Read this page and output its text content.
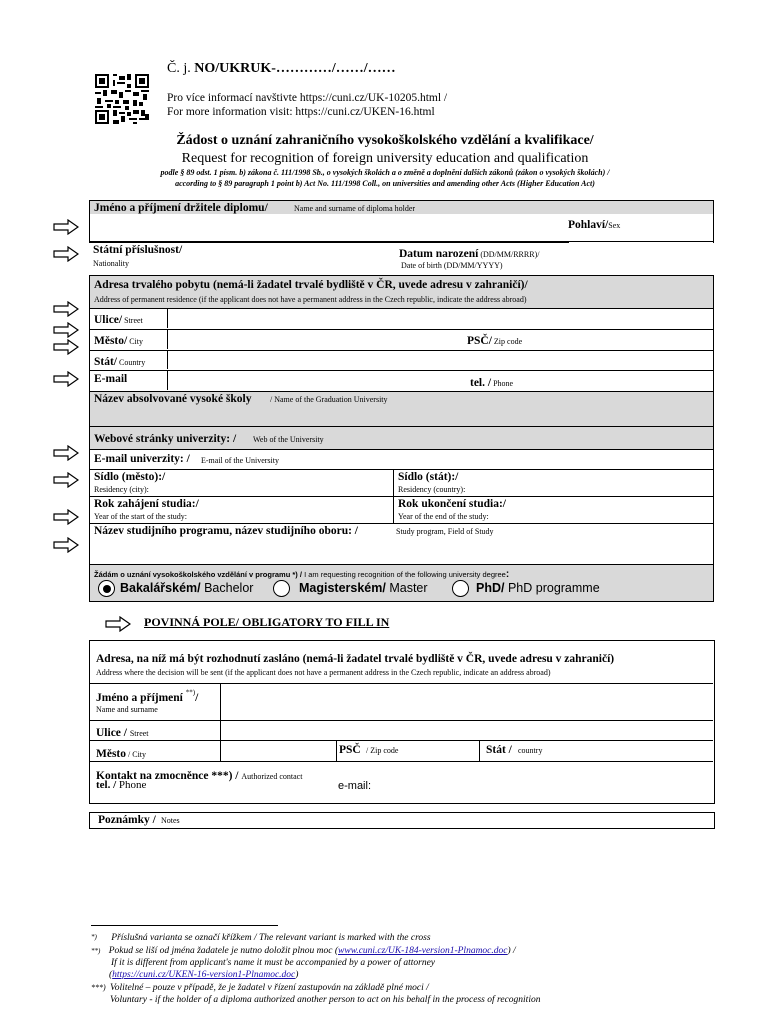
Č. j. NO/UKRUK-…………/……/……
Pro více informací navštivte https://cuni.cz/UK-10205.html /
For more information visit: https://cuni.cz/UKEN-16.html
Žádost o uznání zahraničního vysokoškolského vzdělání a kvalifikace/
Request for recognition of foreign university education and qualification
podle § 89 odst. 1 písm. b) zákona č. 111/1998 Sb., o vysokých školách a o změně a doplnění dalších zákonů (zákon o vysokých školách) /
according to § 89 paragraph 1 point b) Act No. 111/1998 Coll., on universities and amending other Acts (Higher Education Act)
Jméno a příjmení držitele diplomu/	Name and surname of diploma holder
Pohlaví/Sex
Státní příslušnost/
Nationality
Datum narození (DD/MM/RRRR)/
Date of birth (DD/MM/YYYY)
Adresa trvalého pobytu (nemá-li žadatel trvalé bydliště v ČR, uvede adresu v zahraničí)/
Address of permanent residence (if the applicant does not have a permanent address in the Czech republic, indicate the address abroad)
Ulice/ Street
Město/ City	PSČ/ Zip code
Stát/ Country
E-mail	tel. / Phone
Název absolvované vysoké školy / Name of the Graduation University
Webové stránky univerzity: / Web of the University
E-mail univerzity: / E-mail of the University
Sídlo (město):/
Residency (city):
Sídlo (stát):/
Residency (country):
Rok zahájení studia:/
Year of the start of the study:
Rok ukončení studia:/
Year of the end of the study:
Název studijního programu, název studijního oboru: /	Study program, Field of Study
Žádám o uznání vysokoškolského vzdělání v programu *) / I am requesting recognition of the following university degree:
Bakalářském/ Bachelor	Magisterském/ Master	PhD/ PhD programme
POVINNÁ POLE/ OBLIGATORY TO FILL IN
Adresa, na níž má být rozhodnutí zasláno (nemá-li žadatel trvalé bydliště v ČR, uvede adresu v zahraničí)
Address where the decision will be sent (if the applicant does not have a permanent address in the Czech republic, indicate an address abroad)
Jméno a příjmení **)/
Name and surname
Ulice / Street
Město / City	PSČ / Zip code	Stát / country
Kontakt na zmocněnce ***) / Authorized contact
tel. / Phone	e-mail:
Poznámky / Notes
*) Příslušná varianta se označí křížkem / The relevant variant is marked with the cross
**) Pokud se liší od jména žadatele je nutno doložit plnou moc (www.cuni.cz/UK-184-version1-Plnamoc.doc) /
If it is different from applicant's name it must be accompanied by a power of attorney
(https://cuni.cz/UKEN-16-version1-Plnamoc.doc)
***) Volitelné – pouze v případě, že je žadatel v řízení zastupován na základě plné moci /
Voluntary - if the holder of a diploma authorized another person to act on his behalf in the process of recognition
